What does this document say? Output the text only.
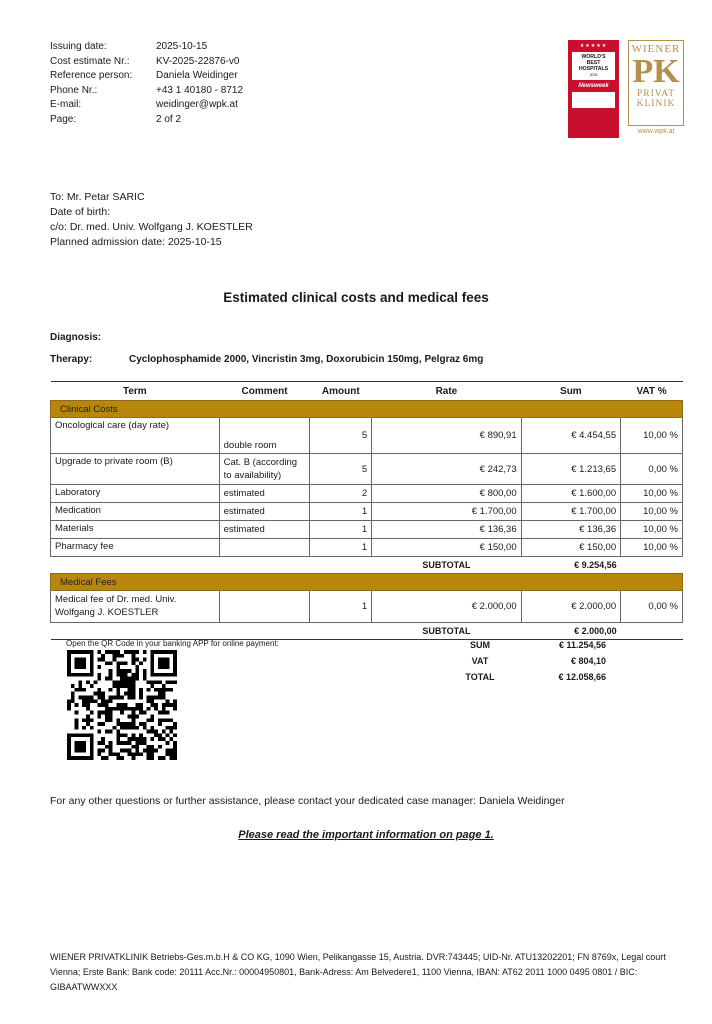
Issuing date:	2025-10-15
Cost estimate Nr.:	KV-2025-22876-v0
Reference person:	Daniela Weidinger
Phone Nr.:	+43 1 40180 - 8712
E-mail:	weidinger@wpk.at
Page:	2 of 2
★★★★★
WORLD'S
BEST
HOSPITALS
2025
Newsweek
WIENER
PK
PRIVAT
KLINIK
www.wpk.at
To: Mr. Petar SARIC
Date of birth:
c/o: Dr. med. Univ. Wolfgang J. KOESTLER
Planned admission date: 2025-10-15
Estimated clinical costs and medical fees
Diagnosis:
Therapy:	Cyclophosphamide 2000, Vincristin 3mg, Doxorubicin 150mg, Pelgraz 6mg
Term	Comment	Amount	Rate	Sum	VAT %
Clinical Costs					
Oncological care (day rate)	double room	5	€ 890,91	€ 4.454,55	10,00 %
Upgrade to private room (B)	Cat. B (according to availability)	5	€ 242,73	€ 1.213,65	0,00 %
Laboratory	estimated	2	€ 800,00	€ 1.600,00	10,00 %
Medication	estimated	1	€ 1.700,00	€ 1.700,00	10,00 %
Materials	estimated	1	€ 136,36	€ 136,36	10,00 %
Pharmacy fee		1	€ 150,00	€ 150,00	10,00 %
			SUBTOTAL	€ 9.254,56	
Medical Fees					
Medical fee of Dr. med. Univ. Wolfgang J. KOESTLER		1	€ 2.000,00	€ 2.000,00	0,00 %
			SUBTOTAL	€ 2.000,00	
Open the QR Code in your banking APP for online payment:	SUM	€ 11.254,56
VAT	€ 804,10
TOTAL	€ 12.058,66
For any other questions or further assistance, please contact your dedicated case manager: Daniela Weidinger
Please read the important information on page 1.
WIENER PRIVATKLINIK Betriebs-Ges.m.b.H & CO KG, 1090 Wien, Pelikangasse 15, Austria. DVR:743445; UID-Nr. ATU13202201; FN 8769x, Legal court Vienna; Erste Bank: Bank code: 20111 Acc.Nr.: 00004950801, Bank-Adress: Am Belvedere1, 1100 Vienna, IBAN: AT62 2011 1000 0495 0801 / BIC: GIBAATWWXXX
